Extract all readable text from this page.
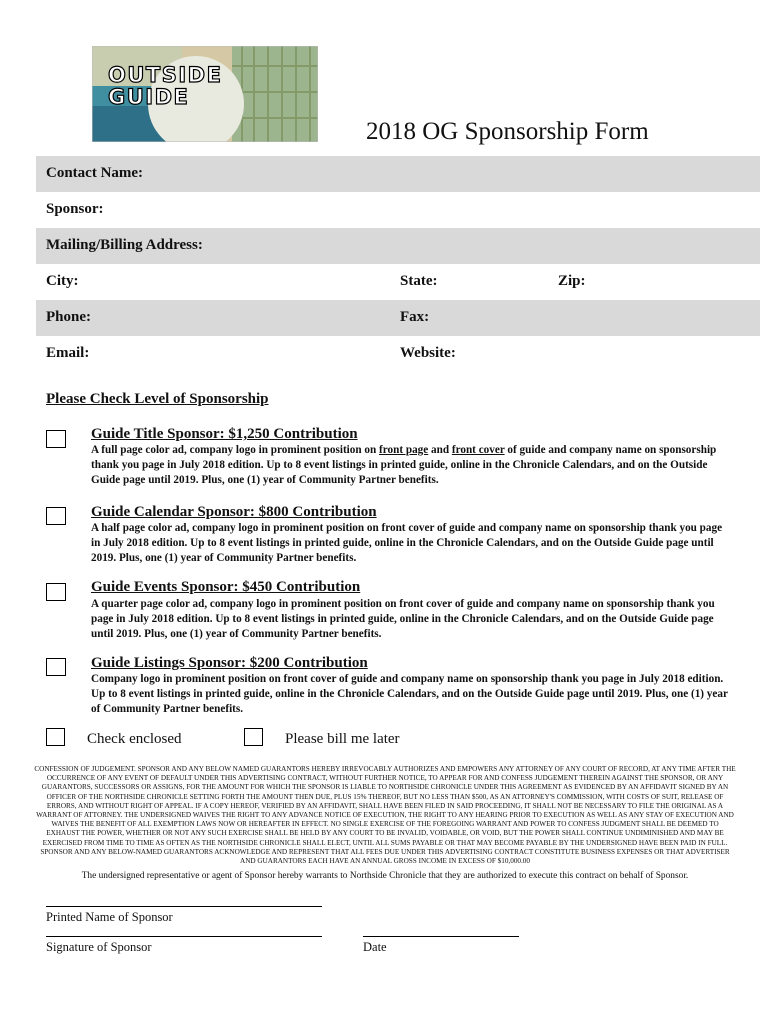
OUTSIDE
GUIDE
2018 OG Sponsorship Form
Contact Name:
Sponsor:
Mailing/Billing Address:
City:	State:	Zip:
Phone:	Fax:
Email:	Website:
Please Check Level of Sponsorship
Guide Title Sponsor: $1,250 Contribution
A full page color ad, company logo in prominent position on front page and front cover of guide and company name on sponsorship thank you page in July 2018 edition. Up to 8 event listings in printed guide, online in the Chronicle Calendars, and on the Outside Guide page until 2019. Plus, one (1) year of Community Partner benefits.
Guide Calendar Sponsor: $800 Contribution
A half page color ad, company logo in prominent position on front cover of guide and company name on sponsorship thank you page in July 2018 edition. Up to 8 event listings in printed guide, online in the Chronicle Calendars, and on the Outside Guide page until 2019. Plus, one (1) year of Community Partner benefits.
Guide Events Sponsor: $450 Contribution
A quarter page color ad, company logo in prominent position on front cover of guide and company name on sponsorship thank you page in July 2018 edition. Up to 8 event listings in printed guide, online in the Chronicle Calendars, and on the Outside Guide page until 2019. Plus, one (1) year of Community Partner benefits.
Guide Listings Sponsor: $200 Contribution
Company logo in prominent position on front cover of guide and company name on sponsorship thank you page in July 2018 edition. Up to 8 event listings in printed guide, online in the Chronicle Calendars, and on the Outside Guide page until 2019. Plus, one (1) year of Community Partner benefits.
Check enclosed	Please bill me later
CONFESSION OF JUDGEMENT. SPONSOR AND ANY BELOW NAMED GUARANTORS HEREBY IRREVOCABLY AUTHORIZES AND EMPOWERS ANY ATTORNEY OF ANY COURT OF RECORD, AT ANY TIME AFTER THE OCCURRENCE OF ANY EVENT OF DEFAULT UNDER THIS ADVERTISING CONTRACT, WITHOUT FURTHER NOTICE, TO APPEAR FOR AND CONFESS JUDGEMENT THEREIN AGAINST THE SPONSOR, OR ANY GUARANTORS, SUCCESSORS OR ASSIGNS, FOR THE AMOUNT FOR WHICH THE SPONSOR IS LIABLE TO NORTHSIDE CHRONICLE UNDER THIS AGREEMENT AS EVIDENCED BY AN AFFIDAVIT SIGNED BY AN OFFICER OF THE NORTHSIDE CHRONICLE SETTING FORTH THE AMOUNT THEN DUE, PLUS 15% THEREOF, BUT NO LESS THAN $500, AS AN ATTORNEY'S COMMISSION, WITH COSTS OF SUIT, RELEASE OF ERRORS, AND WITHOUT RIGHT OF APPEAL. IF A COPY HEREOF, VERIFIED BY AN AFFIDAVIT, SHALL HAVE BEEN FILED IN SAID PROCEEDING, IT SHALL NOT BE NECESSARY TO FILE THE ORIGINAL AS A WARRANT OF ATTORNEY. THE UNDERSIGNED WAIVES THE RIGHT TO ANY ADVANCE NOTICE OF EXECUTION, THE RIGHT TO ANY HEARING PRIOR TO EXECUTION AS WELL AS ANY STAY OF EXECUTION AND WAIVES THE BENEFIT OF ALL EXEMPTION LAWS NOW OR HEREAFTER IN EFFECT. NO SINGLE EXERCISE OF THE FOREGOING WARRANT AND POWER TO CONFESS JUDGMENT SHALL BE DEEMED TO EXHAUST THE POWER, WHETHER OR NOT ANY SUCH EXERCISE SHALL BE HELD BY ANY COURT TO BE INVALID, VOIDABLE, OR VOID, BUT THE POWER SHALL CONTINUE UNDIMINISHED AND MAY BE EXERCISED FROM TIME TO TIME AS OFTEN AS THE NORTHSIDE CHRONICLE SHALL ELECT, UNTIL ALL SUMS PAYABLE OR THAT MAY BECOME PAYABLE BY THE UNDERSIGNED HAVE BEEN PAID IN FULL. SPONSOR AND ANY BELOW-NAMED GUARANTORS ACKNOWLEDGE AND REPRESENT THAT ALL FEES DUE UNDER THIS ADVERTISING CONTRACT CONSTITUTE BUSINESS EXPENSES OR THAT ADVERTISER AND GUARANTORS EACH HAVE AN ANNUAL GROSS INCOME IN EXCESS OF $10,000.00
The undersigned representative or agent of Sponsor hereby warrants to Northside Chronicle that they are authorized to execute this contract on behalf of Sponsor.
Printed Name of Sponsor
Signature of Sponsor	Date
